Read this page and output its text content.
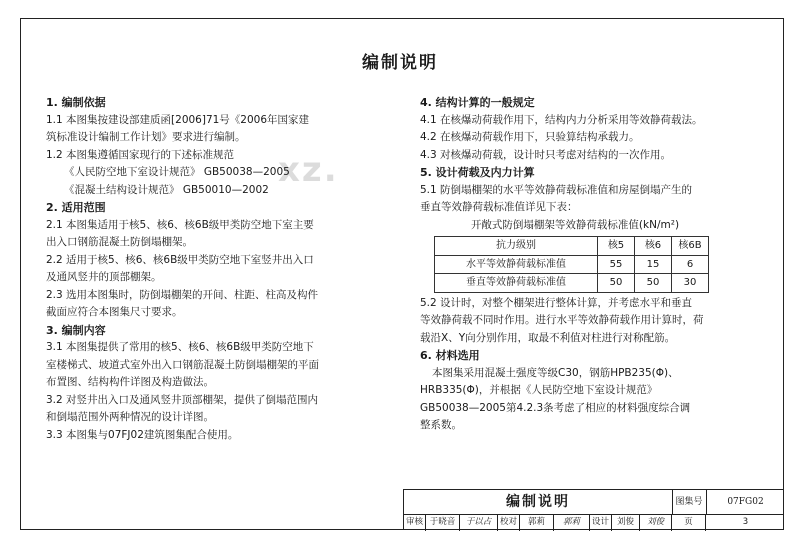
xz.
编制说明

1. 编制依据

1.1 本图集按建设部建质函[2006]71号《2006年国家建

筑标准设计编制工作计划》要求进行编制。

1.2 本图集遵循国家现行的下述标准规范

《人民防空地下室设计规范》 GB50038—2005

《混凝土结构设计规范》 GB50010—2002

2. 适用范围

2.1 本图集适用于核5、核6、核6B级甲类防空地下室主要

出入口钢筋混凝土防倒塌棚架。

2.2 适用于核5、核6、核6B级甲类防空地下室竖井出入口

及通风竖井的顶部棚架。

2.3 选用本图集时，防倒塌棚架的开间、柱距、柱高及构件

截面应符合本图集尺寸要求。

3. 编制内容

3.1 本图集提供了常用的核5、核6、核6B级甲类防空地下

室楼梯式、坡道式室外出入口钢筋混凝土防倒塌棚架的平面

布置图、结构构件详图及构造做法。

3.2 对竖井出入口及通风竖井顶部棚架，提供了倒塌范围内

和倒塌范围外两种情况的设计详图。

3.3 本图集与07FJ02建筑图集配合使用。

4. 结构计算的一般规定

4.1 在核爆动荷载作用下，结构内力分析采用等效静荷载法。

4.2 在核爆动荷载作用下，只验算结构承载力。

4.3 对核爆动荷载，设计时只考虑对结构的一次作用。

5. 设计荷载及内力计算

5.1 防倒塌棚架的水平等效静荷载标准值和房屋倒塌产生的

垂直等效静荷载标准值详见下表：

开敞式防倒塌棚架等效静荷载标准值(kN/m²)

抗力级别	核5	核6	核6B
水平等效静荷载标准值	55	15	6
垂直等效静荷载标准值	50	50	30

5.2 设计时，对整个棚架进行整体计算，并考虑水平和垂直

等效静荷载不同时作用。进行水平等效静荷载作用计算时，荷

载沿X、Y向分别作用，取最不利值对柱进行对称配筋。

6. 材料选用

本图集采用混凝土强度等级C30，钢筋HPB235(Φ)、

HRB335(Φ)，并根据《人民防空地下室设计规范》

GB50038—2005第4.2.3条考虑了相应的材料强度综合调

整系数。

编制说明	图集号	07FG02
审核 于晓音	于以占	校对	郭莉	郭莉	设计 刘俊	刘俊	页	3
